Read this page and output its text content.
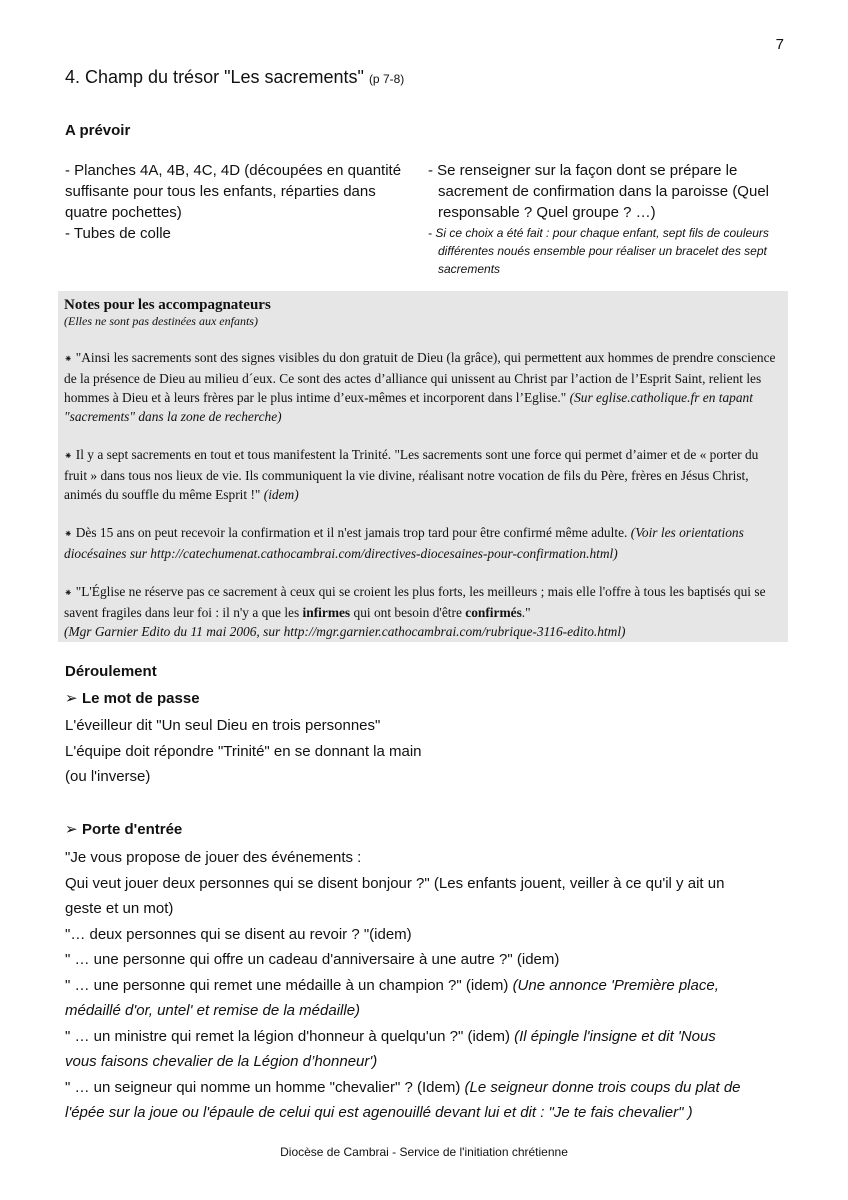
7
4. Champ du trésor "Les sacrements" (p 7-8)
A prévoir
- Planches 4A, 4B, 4C, 4D (découpées en quantité
suffisante pour tous les enfants, réparties dans
quatre pochettes)
- Tubes de colle
- Se renseigner sur la façon dont se prépare le sacrement de confirmation dans la paroisse (Quel responsable ? Quel groupe ? …)
- Si ce choix a été fait : pour chaque enfant, sept fils de couleurs différentes noués ensemble pour réaliser un bracelet des sept sacrements
Notes pour les accompagnateurs
(Elles ne sont pas destinées aux enfants)
⁕ "Ainsi les sacrements sont des signes visibles du don gratuit de Dieu (la grâce), qui permettent aux hommes de prendre conscience de la présence de Dieu au milieu d´eux. Ce sont des actes d’alliance qui unissent au Christ par l’action de l’Esprit Saint, relient les hommes à Dieu et à leurs frères par le plus intime d’eux-mêmes et incorporent dans l’Eglise." (Sur eglise.catholique.fr en tapant "sacrements" dans la zone de recherche)
⁕ Il y a sept sacrements en tout et tous manifestent la Trinité. "Les sacrements sont une force qui permet d’aimer et de « porter du fruit » dans tous nos lieux de vie. Ils communiquent la vie divine, réalisant notre vocation de fils du Père, frères en Jésus Christ, animés du souffle du même Esprit !" (idem)
⁕ Dès 15 ans on peut recevoir la confirmation et il n'est jamais trop tard pour être confirmé même adulte. (Voir les orientations diocésaines sur http://catechumenat.cathocambrai.com/directives-diocesaines-pour-confirmation.html)
⁕ "L'Église ne réserve pas ce sacrement à ceux qui se croient les plus forts, les meilleurs ; mais elle l'offre à tous les baptisés qui se savent fragiles dans leur foi : il n'y a que les infirmes qui ont besoin d'être confirmés."
(Mgr Garnier Edito du 11 mai 2006, sur http://mgr.garnier.cathocambrai.com/rubrique-3116-edito.html)
Déroulement
➢ Le mot de passe
L'éveilleur dit "Un seul Dieu en trois personnes"
L'équipe doit répondre "Trinité" en se donnant la main
(ou l'inverse)
➢ Porte d'entrée
"Je vous propose de jouer des événements :
Qui veut jouer deux personnes qui se disent bonjour ?" (Les enfants jouent, veiller à ce qu'il y ait un
geste et un mot)
"… deux personnes qui se disent au revoir ? "(idem)
" … une personne qui offre un cadeau d'anniversaire à une autre ?" (idem)
" … une personne qui remet une médaille à un champion ?" (idem) (Une annonce 'Première place,
médaillé d'or, untel' et remise de la médaille)
" … un ministre qui remet la légion d'honneur à quelqu'un ?" (idem) (Il épingle l'insigne et dit 'Nous
vous faisons chevalier de la Légion d’honneur')
" … un seigneur qui nomme un homme "chevalier" ? (Idem) (Le seigneur donne trois coups du plat de
l'épée sur la joue ou l'épaule de celui qui est agenouillé devant lui et dit : "Je te fais chevalier" )
Diocèse de Cambrai - Service de l'initiation chrétienne
